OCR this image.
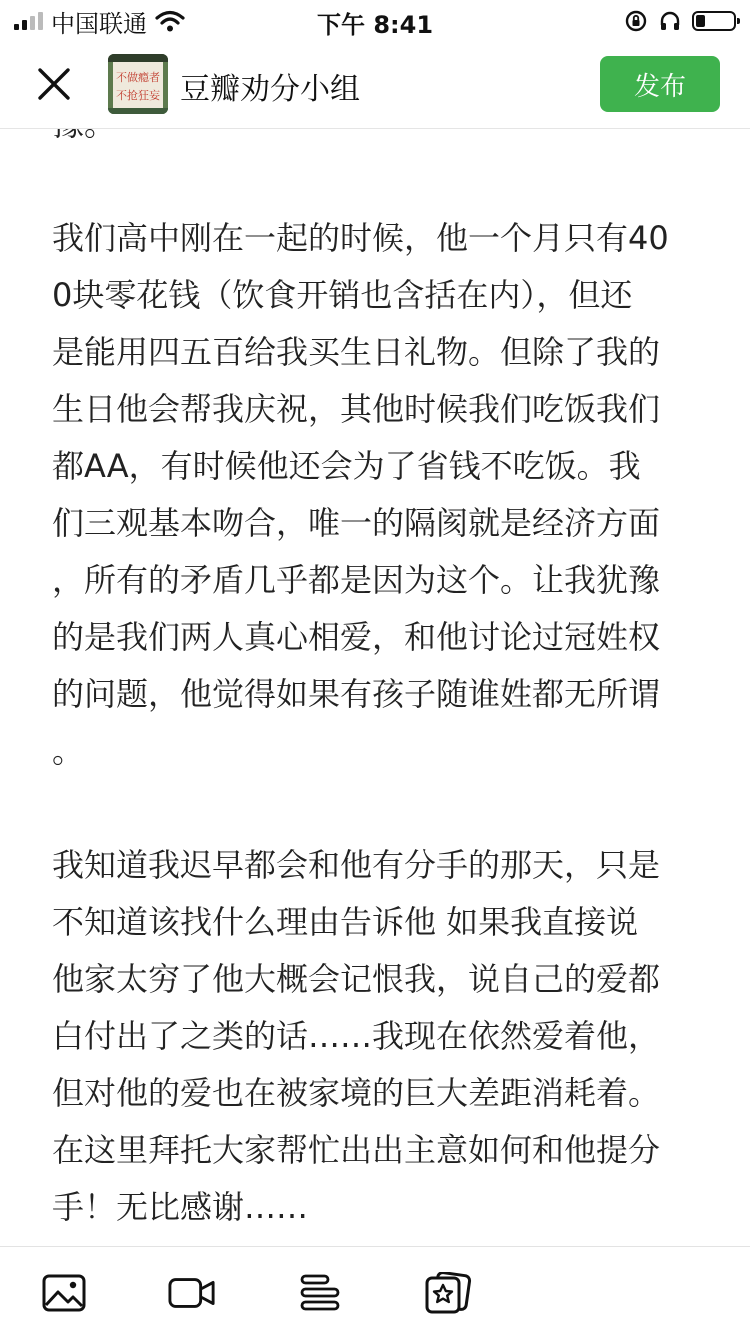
中国联通	下午 8:41
不做瘾者
不抢狂妄 豆瓣劝分小组	发布

我们高中刚在一起的时候，他一个月只有40

0块零花钱（饮食开销也含括在内），但还

是能用四五百给我买生日礼物。但除了我的

生日他会帮我庆祝，其他时候我们吃饭我们

都AA，有时候他还会为了省钱不吃饭。我

们三观基本吻合，唯一的隔阂就是经济方面

，所有的矛盾几乎都是因为这个。让我犹豫

的是我们两人真心相爱，和他讨论过冠姓权

的问题，他觉得如果有孩子随谁姓都无所谓

。

我知道我迟早都会和他有分手的那天，只是

不知道该找什么理由告诉他 如果我直接说

他家太穷了他大概会记恨我，说自己的爱都

白付出了之类的话……我现在依然爱着他，

但对他的爱也在被家境的巨大差距消耗着。

在这里拜托大家帮忙出出主意如何和他提分

手！无比感谢……
